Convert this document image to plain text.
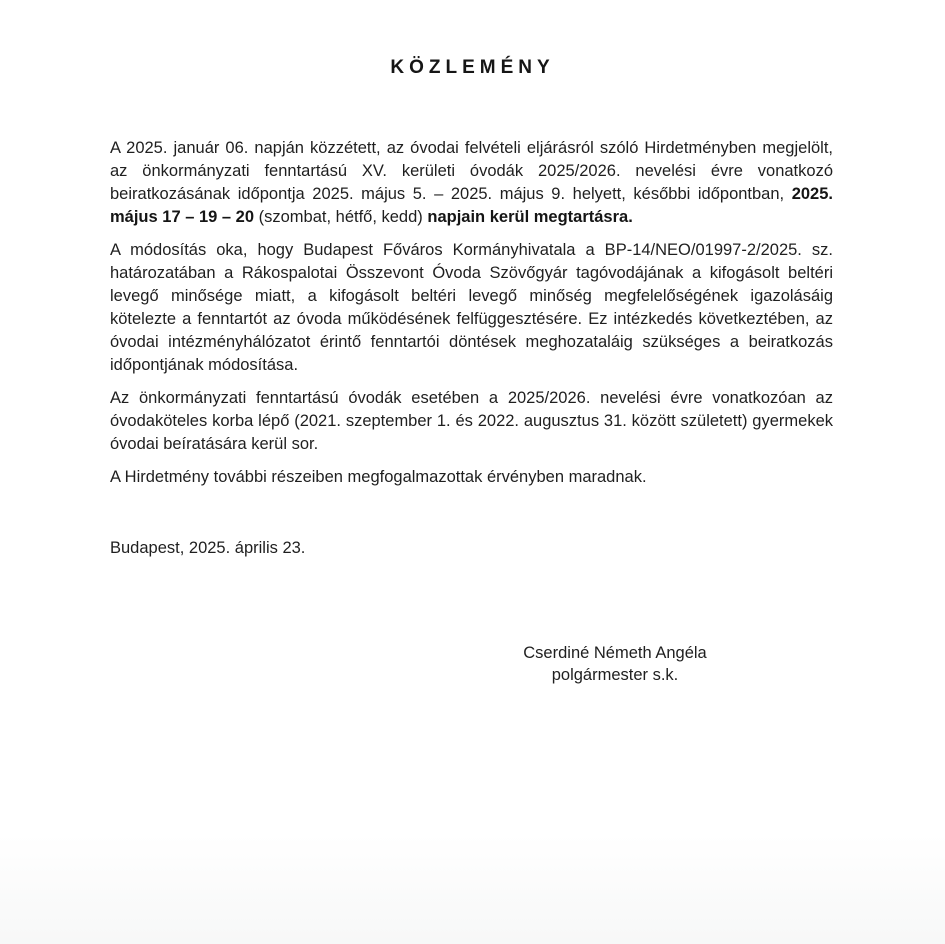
KÖZLEMÉNY

A 2025. január 06. napján közzétett, az óvodai felvételi eljárásról szóló Hirdetményben megjelölt, az önkormányzati fenntartású XV. kerületi óvodák 2025/2026. nevelési évre vonatkozó beiratkozásának időpontja 2025. május 5. – 2025. május 9. helyett, későbbi időpontban, 2025. május 17 – 19 – 20 (szombat, hétfő, kedd) napjain kerül megtartásra.

A módosítás oka, hogy Budapest Főváros Kormányhivatala a BP-14/NEO/01997-2/2025. sz. határozatában a Rákospalotai Összevont Óvoda Szövőgyár tagóvodájának a kifogásolt beltéri levegő minősége miatt, a kifogásolt beltéri levegő minőség megfelelőségének igazolásáig kötelezte a fenntartót az óvoda működésének felfüggesztésére. Ez intézkedés következtében, az óvodai intézményhálózatot érintő fenntartói döntések meghozataláig szükséges a beiratkozás időpontjának módosítása.

Az önkormányzati fenntartású óvodák esetében a 2025/2026. nevelési évre vonatkozóan az óvodaköteles korba lépő (2021. szeptember 1. és 2022. augusztus 31. között született) gyermekek óvodai beíratására kerül sor.

A Hirdetmény további részeiben megfogalmazottak érvényben maradnak.

Budapest, 2025. április 23.

Cserdiné Németh Angéla
polgármester s.k.
